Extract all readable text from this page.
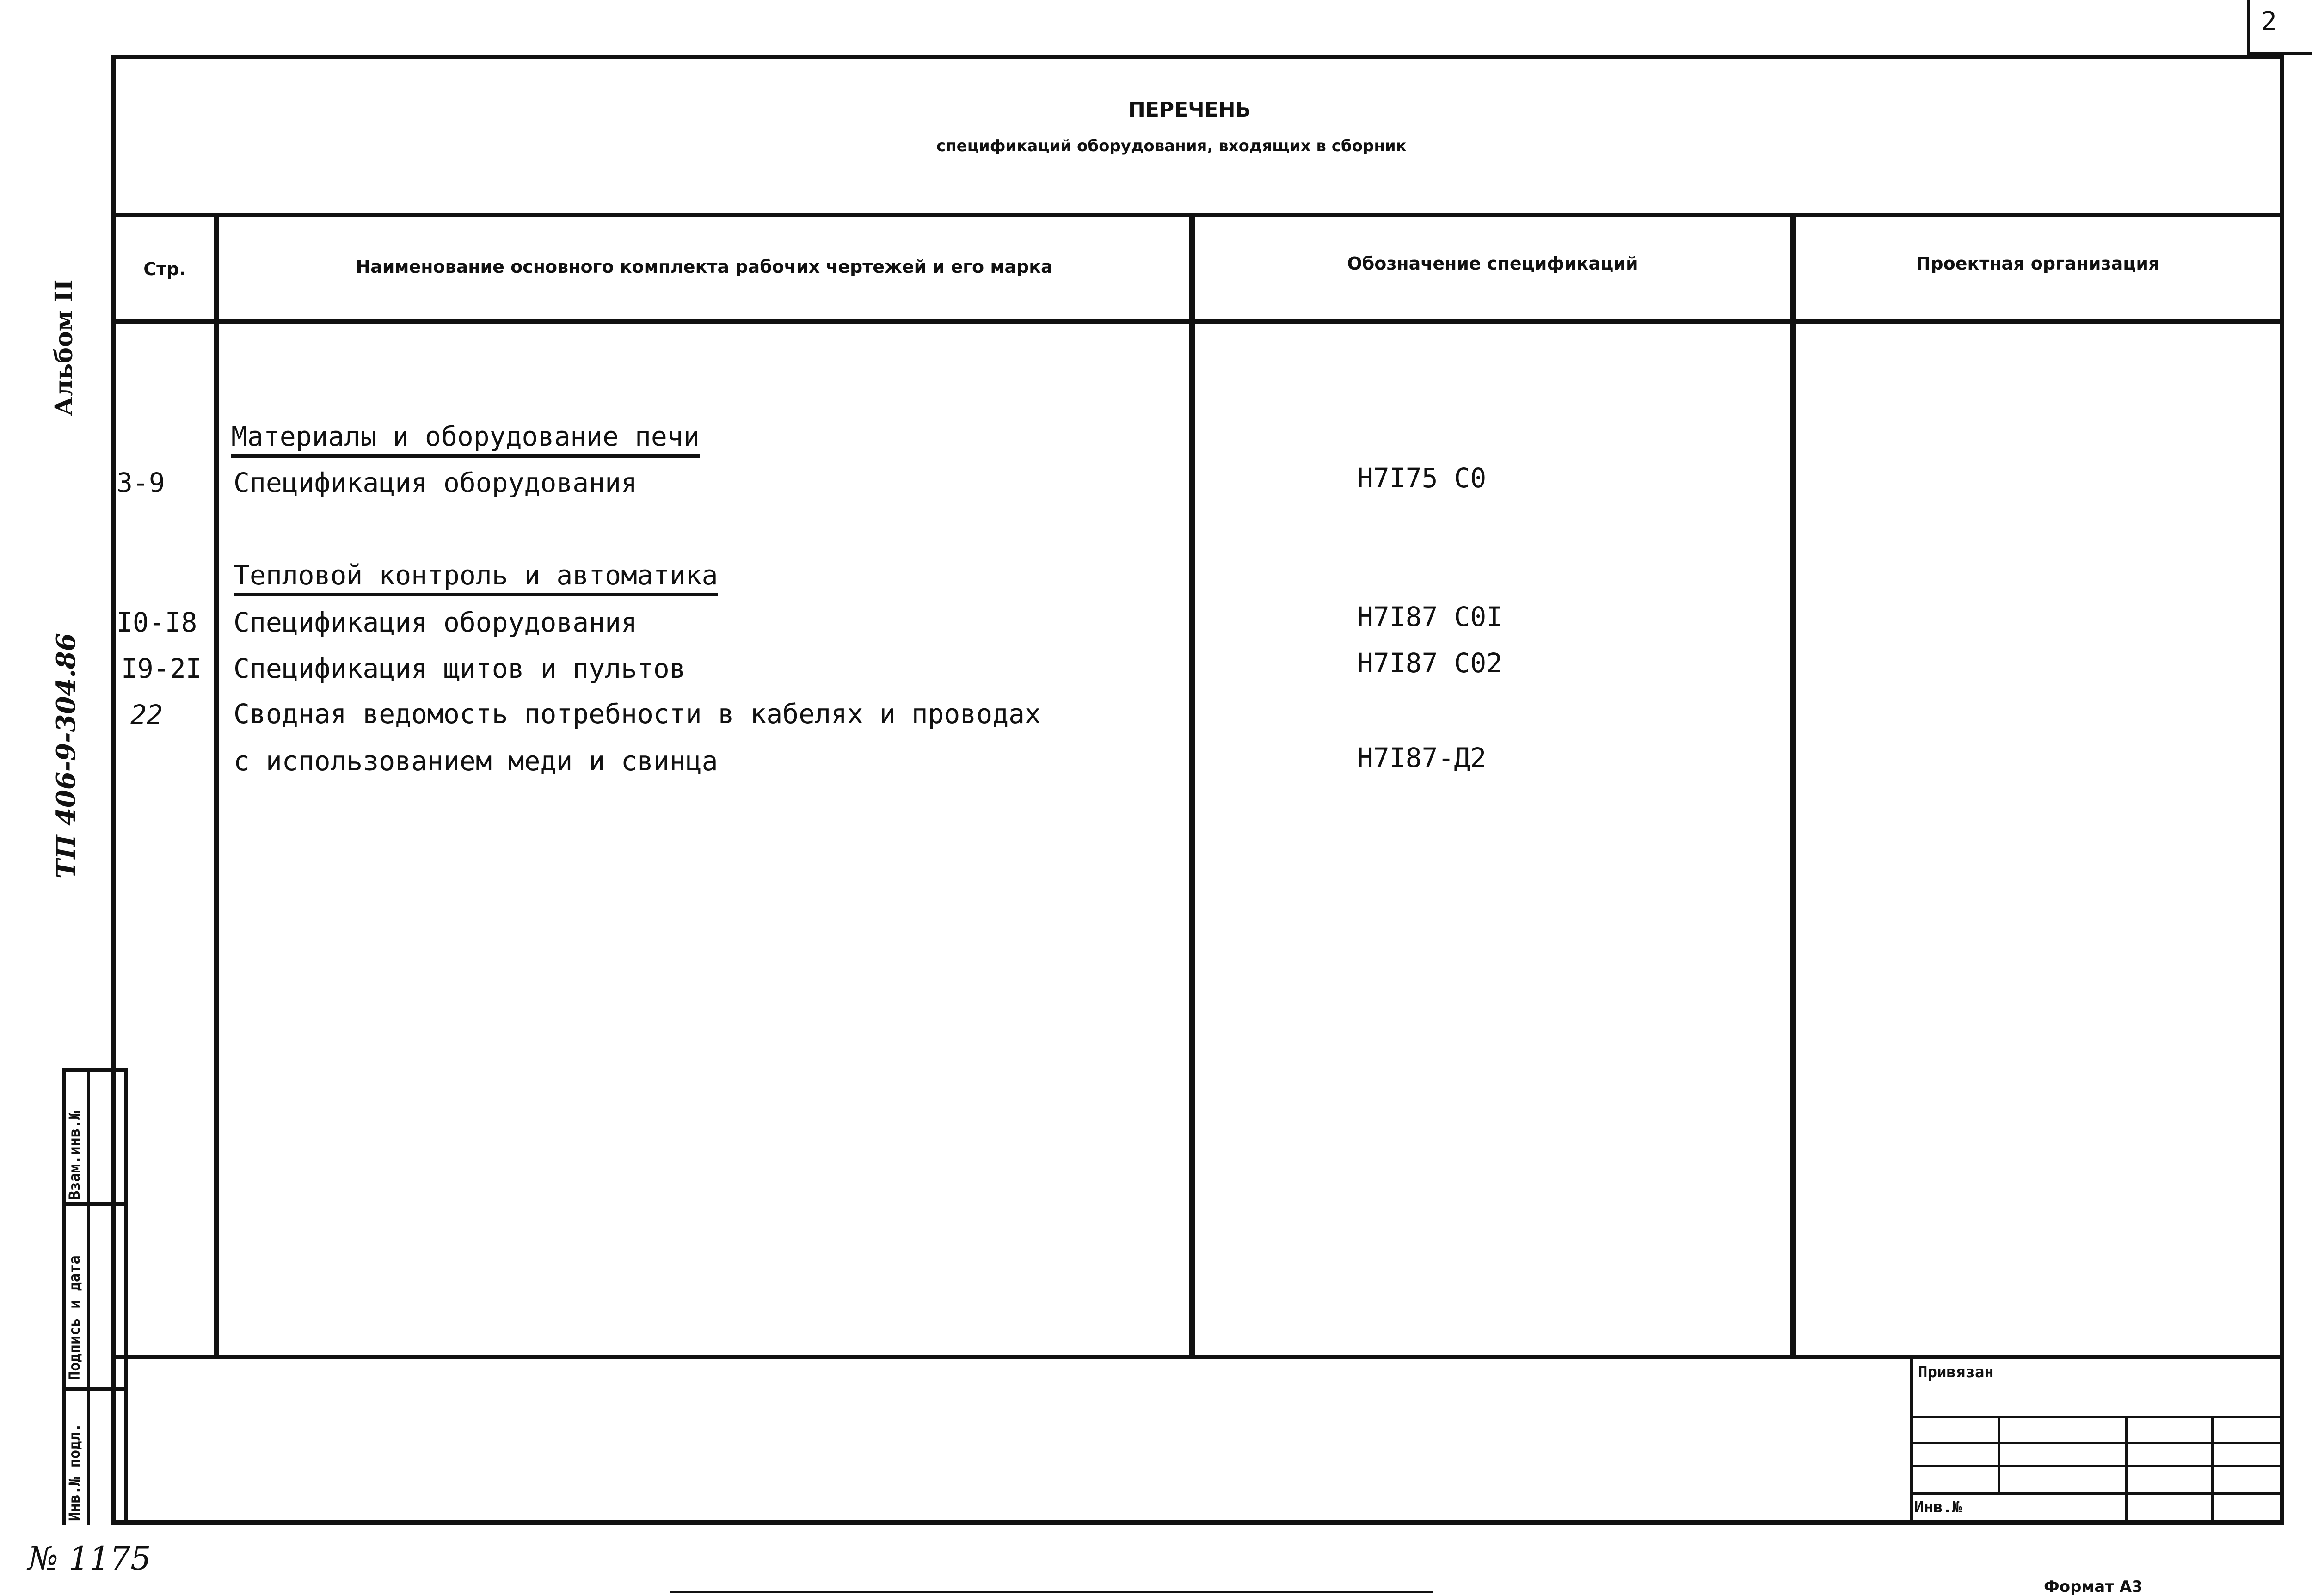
2
ПЕРЕЧЕНЬ
спецификаций оборудования, входящих в сборник
Стр.	Наименование основного комплекта рабочих чертежей и его марка	Обозначение спецификаций	Проектная организация
Материалы и оборудование печи
3-9	Спецификация оборудования	Н7I75 С0
Тепловой контроль и автоматика
I0-I8 Спецификация оборудования	Н7I87 С0I
I9-2I Спецификация щитов и пультов	Н7I87 С02
22	Сводная ведомость потребности в кабелях и проводах
с использованием меди и свинца	Н7I87-Д2
Привязан
Инв.№
Взам.инв.№
Подпись и дата
Инв.№ подл.
Альбом II
ТП 406-9-304.86
№ 1175
Формат А3
